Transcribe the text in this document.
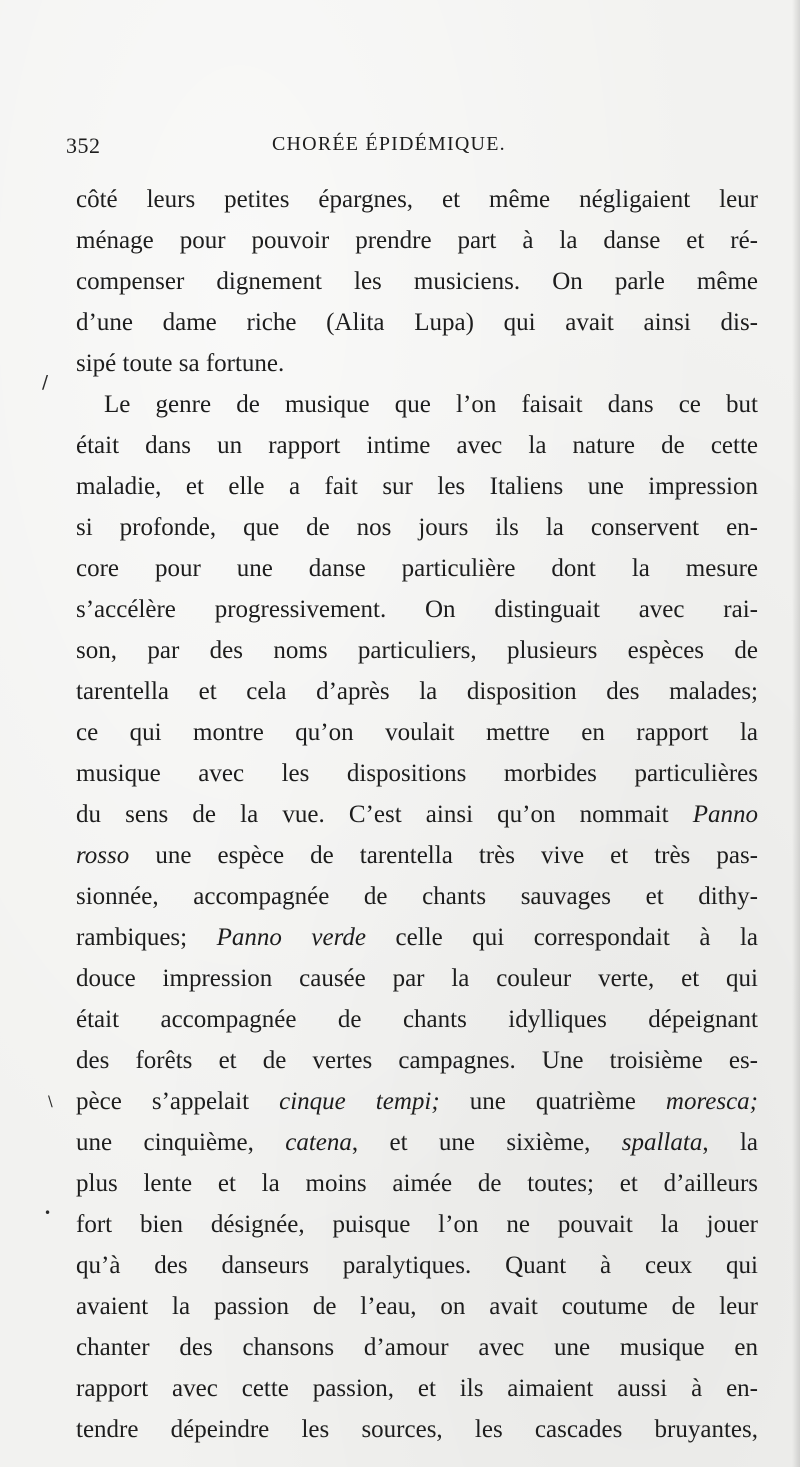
352	CHORÉE ÉPIDÉMIQUE.
côté leurs petites épargnes, et même négligaient leur
ménage pour pouvoir prendre part à la danse et ré-
compenser dignement les musiciens. On parle même
d’une dame riche (Alita Lupa) qui avait ainsi dis-
sipé toute sa fortune.
Le genre de musique que l’on faisait dans ce but
était dans un rapport intime avec la nature de cette
maladie, et elle a fait sur les Italiens une impression
si profonde, que de nos jours ils la conservent en-
core pour une danse particulière dont la mesure
s’accélère progressivement. On distinguait avec rai-
son, par des noms particuliers, plusieurs espèces de
tarentella et cela d’après la disposition des malades;
ce qui montre qu’on voulait mettre en rapport la
musique avec les dispositions morbides particulières
du sens de la vue. C’est ainsi qu’on nommait Panno
rosso une espèce de tarentella très vive et très pas-
sionnée, accompagnée de chants sauvages et dithy-
rambiques; Panno verde celle qui correspondait à la
douce impression causée par la couleur verte, et qui
était accompagnée de chants idylliques dépeignant
des forêts et de vertes campagnes. Une troisième es-
pèce s’appelait cinque tempi; une quatrième moresca;
une cinquième, catena, et une sixième, spallata, la
plus lente et la moins aimée de toutes; et d’ailleurs
fort bien désignée, puisque l’on ne pouvait la jouer
qu’à des danseurs paralytiques. Quant à ceux qui
avaient la passion de l’eau, on avait coutume de leur
chanter des chansons d’amour avec une musique en
rapport avec cette passion, et ils aimaient aussi à en-
tendre dépeindre les sources, les cascades bruyantes,
/
\
•
